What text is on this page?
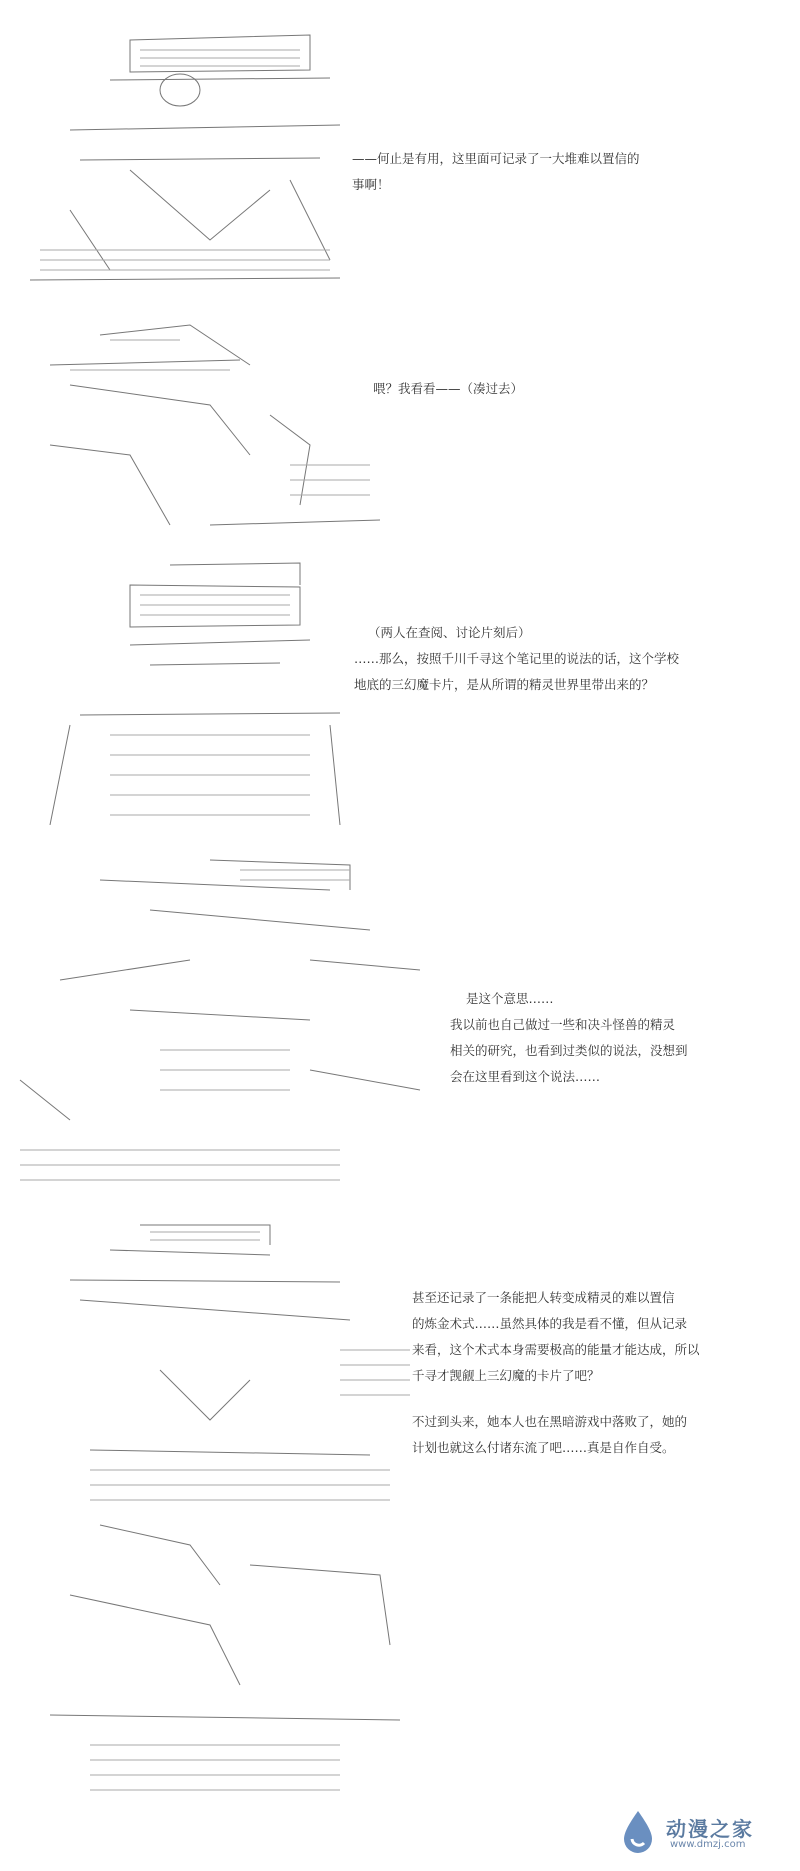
——何止是有用，这里面可记录了一大堆难以置信的
事啊！
喂？我看看——（凑过去）
（两人在查阅、讨论片刻后）
……那么，按照千川千寻这个笔记里的说法的话，这个学校
地底的三幻魔卡片，是从所谓的精灵世界里带出来的？
是这个意思……
我以前也自己做过一些和决斗怪兽的精灵
相关的研究，也看到过类似的说法，没想到
会在这里看到这个说法……
甚至还记录了一条能把人转变成精灵的难以置信
的炼金术式……虽然具体的我是看不懂，但从记录
来看，这个术式本身需要极高的能量才能达成，所以
千寻才觊觎上三幻魔的卡片了吧？
不过到头来，她本人也在黑暗游戏中落败了，她的
计划也就这么付诸东流了吧……真是自作自受。
动漫之家
www.dmzj.com
